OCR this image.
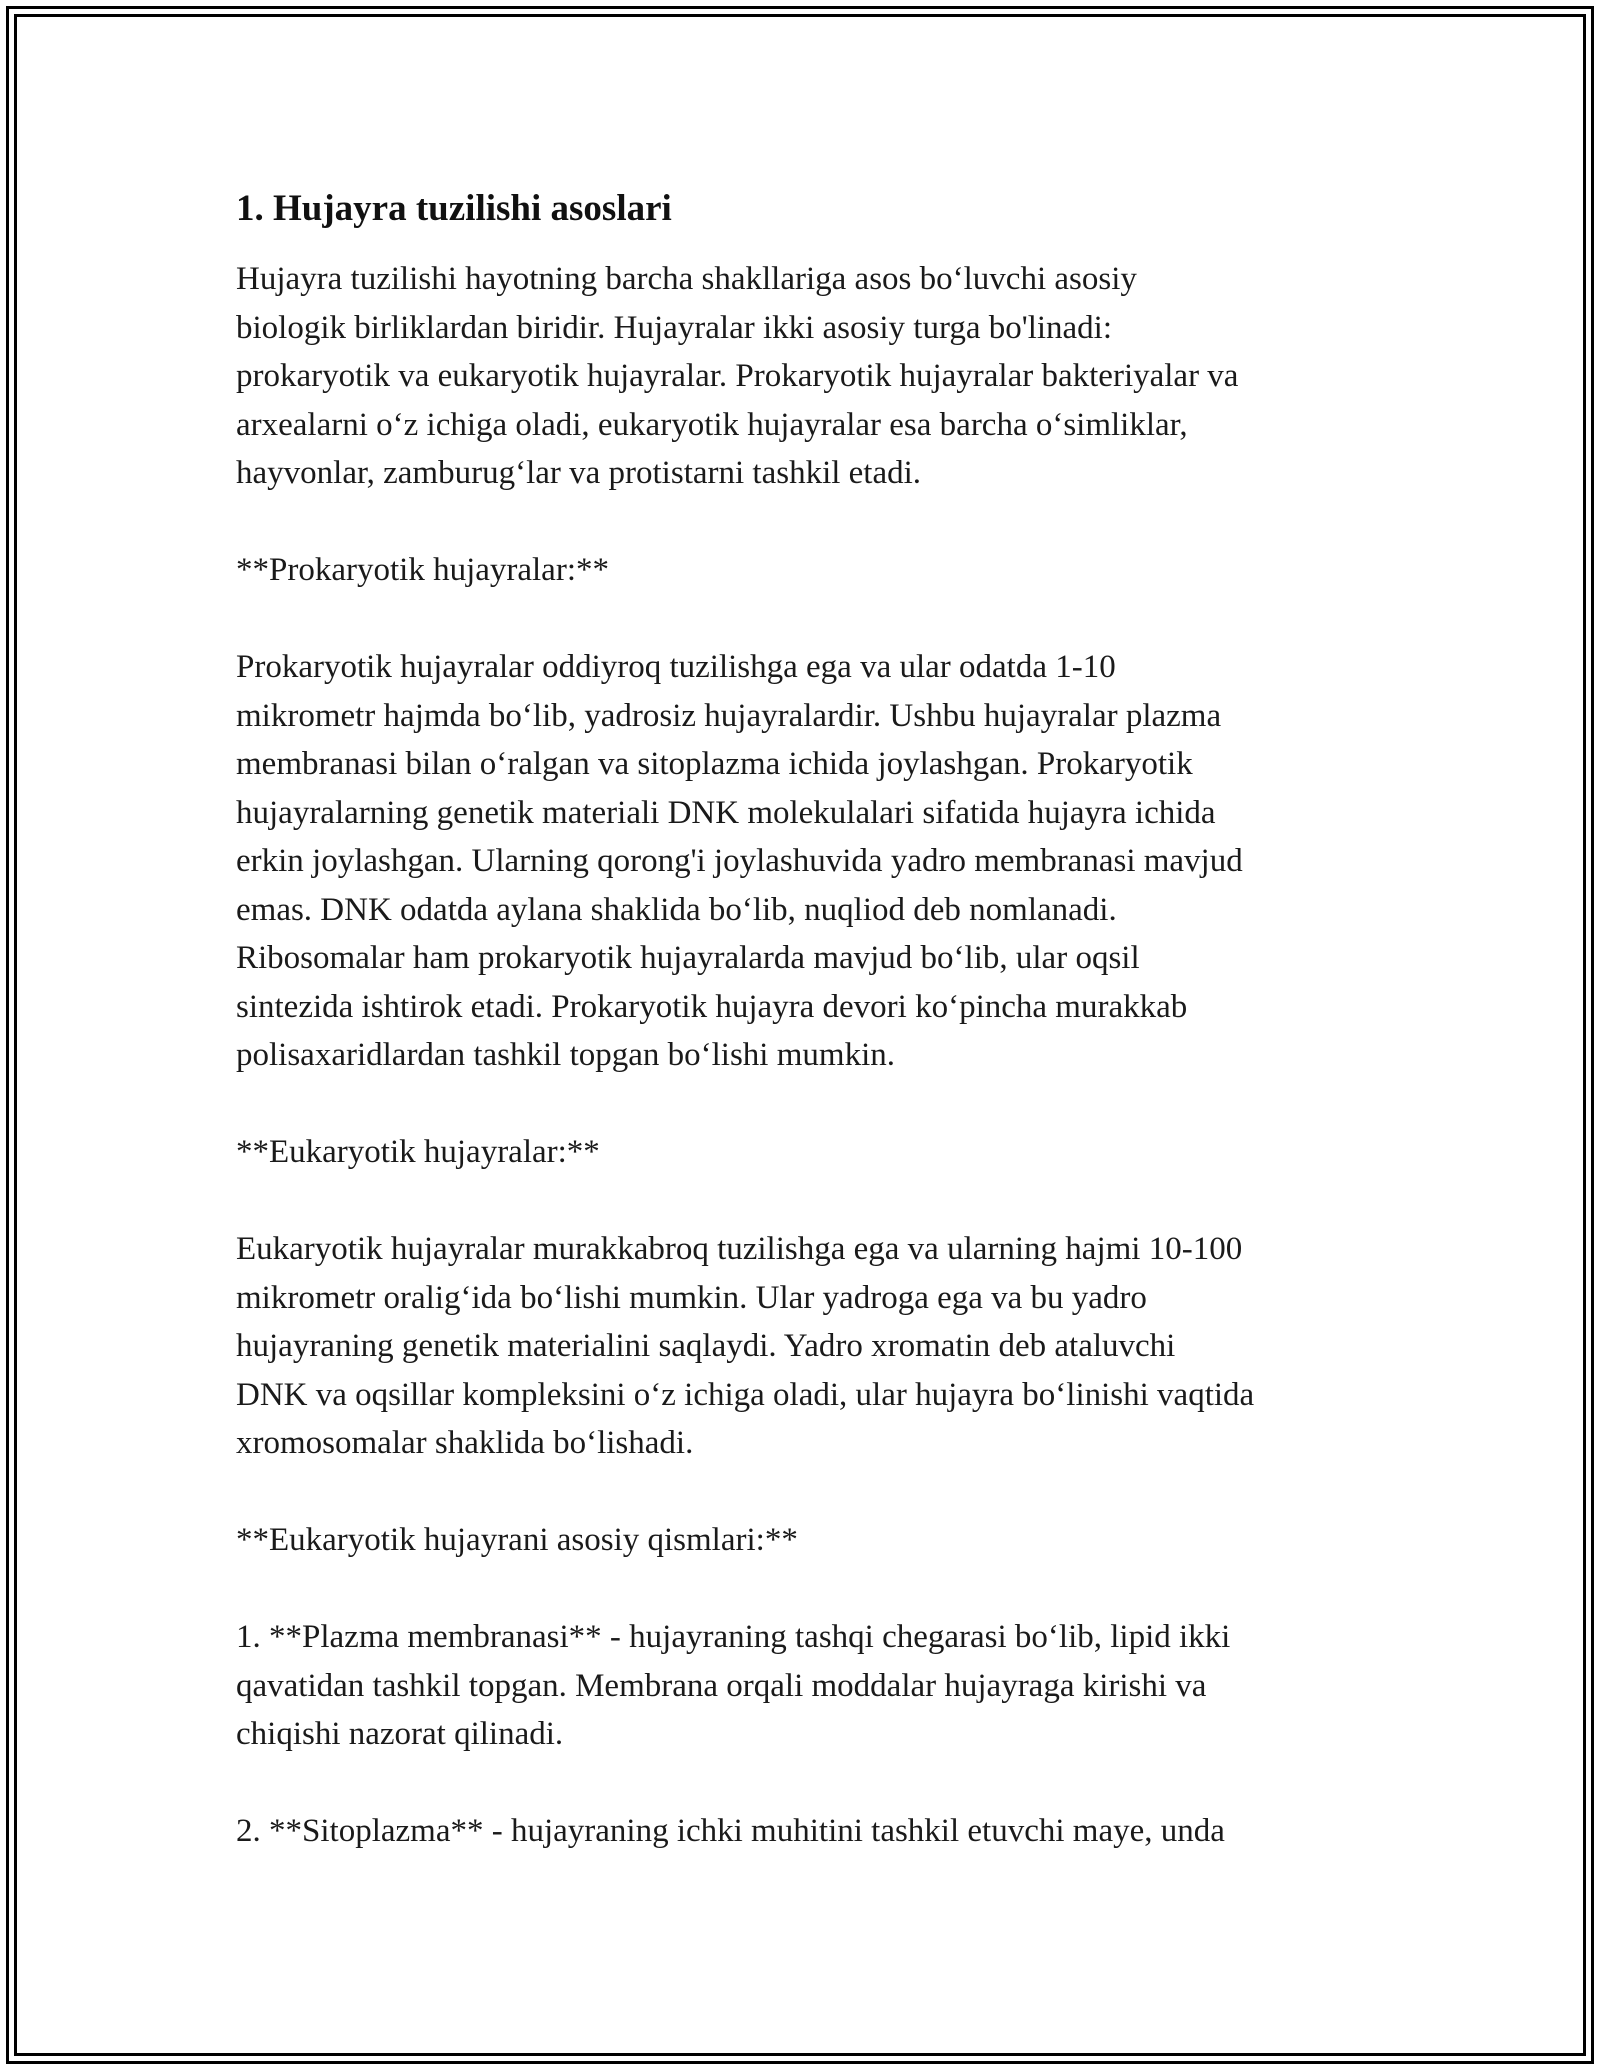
1. Hujayra tuzilishi asoslari
Hujayra tuzilishi hayotning barcha shakllariga asos bo‘luvchi asosiy
biologik birliklardan biridir. Hujayralar ikki asosiy turga bo'linadi:
prokaryotik va eukaryotik hujayralar. Prokaryotik hujayralar bakteriyalar va
arxealarni o‘z ichiga oladi, eukaryotik hujayralar esa barcha o‘simliklar,
hayvonlar, zamburug‘lar va protistarni tashkil etadi.
**Prokaryotik hujayralar:**
Prokaryotik hujayralar oddiyroq tuzilishga ega va ular odatda 1-10
mikrometr hajmda bo‘lib, yadrosiz hujayralardir. Ushbu hujayralar plazma
membranasi bilan o‘ralgan va sitoplazma ichida joylashgan. Prokaryotik
hujayralarning genetik materiali DNK molekulalari sifatida hujayra ichida
erkin joylashgan. Ularning qorong'i joylashuvida yadro membranasi mavjud
emas. DNK odatda aylana shaklida bo‘lib, nuqliod deb nomlanadi.
Ribosomalar ham prokaryotik hujayralarda mavjud bo‘lib, ular oqsil
sintezida ishtirok etadi. Prokaryotik hujayra devori ko‘pincha murakkab
polisaxaridlardan tashkil topgan bo‘lishi mumkin.
**Eukaryotik hujayralar:**
Eukaryotik hujayralar murakkabroq tuzilishga ega va ularning hajmi 10-100
mikrometr oralig‘ida bo‘lishi mumkin. Ular yadroga ega va bu yadro
hujayraning genetik materialini saqlaydi. Yadro xromatin deb ataluvchi
DNK va oqsillar kompleksini o‘z ichiga oladi, ular hujayra bo‘linishi vaqtida
xromosomalar shaklida bo‘lishadi.
**Eukaryotik hujayrani asosiy qismlari:**
1. **Plazma membranasi** - hujayraning tashqi chegarasi bo‘lib, lipid ikki
qavatidan tashkil topgan. Membrana orqali moddalar hujayraga kirishi va
chiqishi nazorat qilinadi.
2. **Sitoplazma** - hujayraning ichki muhitini tashkil etuvchi maye, unda
